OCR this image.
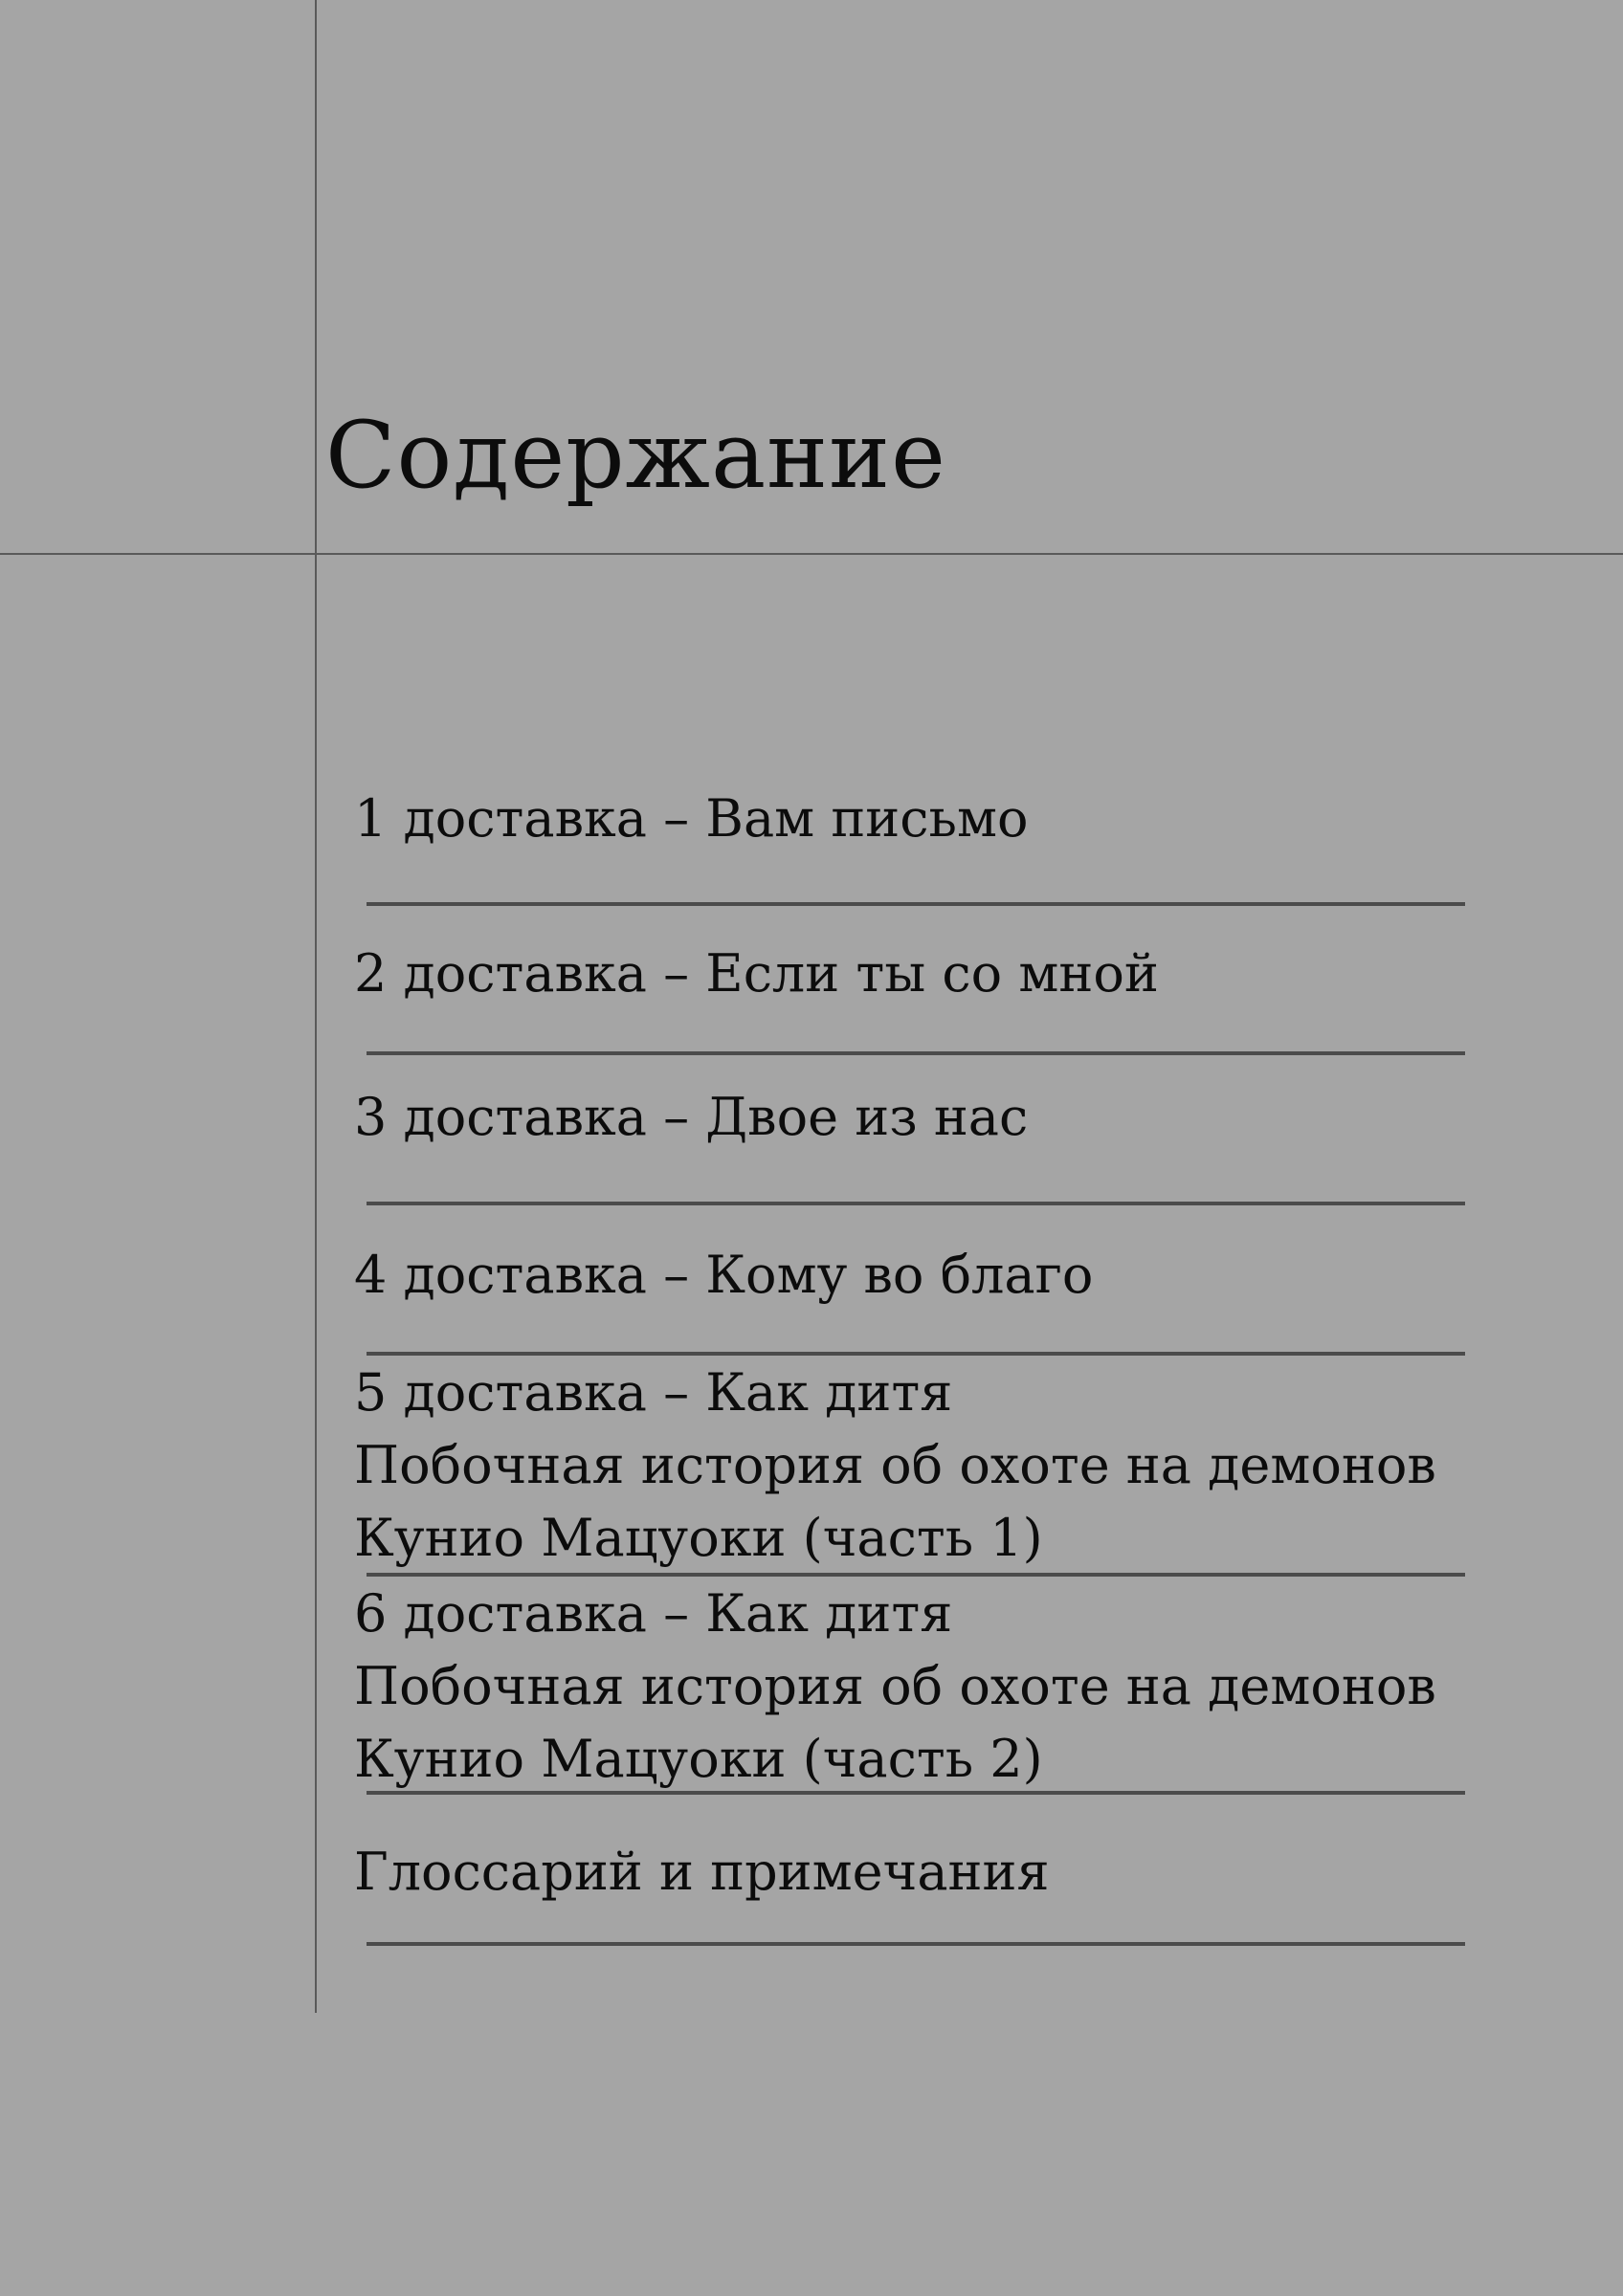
Содержание
1 доставка – Вам письмо
2 доставка – Если ты со мной
3 доставка – Двое из нас
4 доставка – Кому во благо
5 доставка – Как дитя
Побочная история об охоте на демонов
Кунио Мацуоки (часть 1)
6 доставка – Как дитя
Побочная история об охоте на демонов
Кунио Мацуоки (часть 2)
Глоссарий и примечания
